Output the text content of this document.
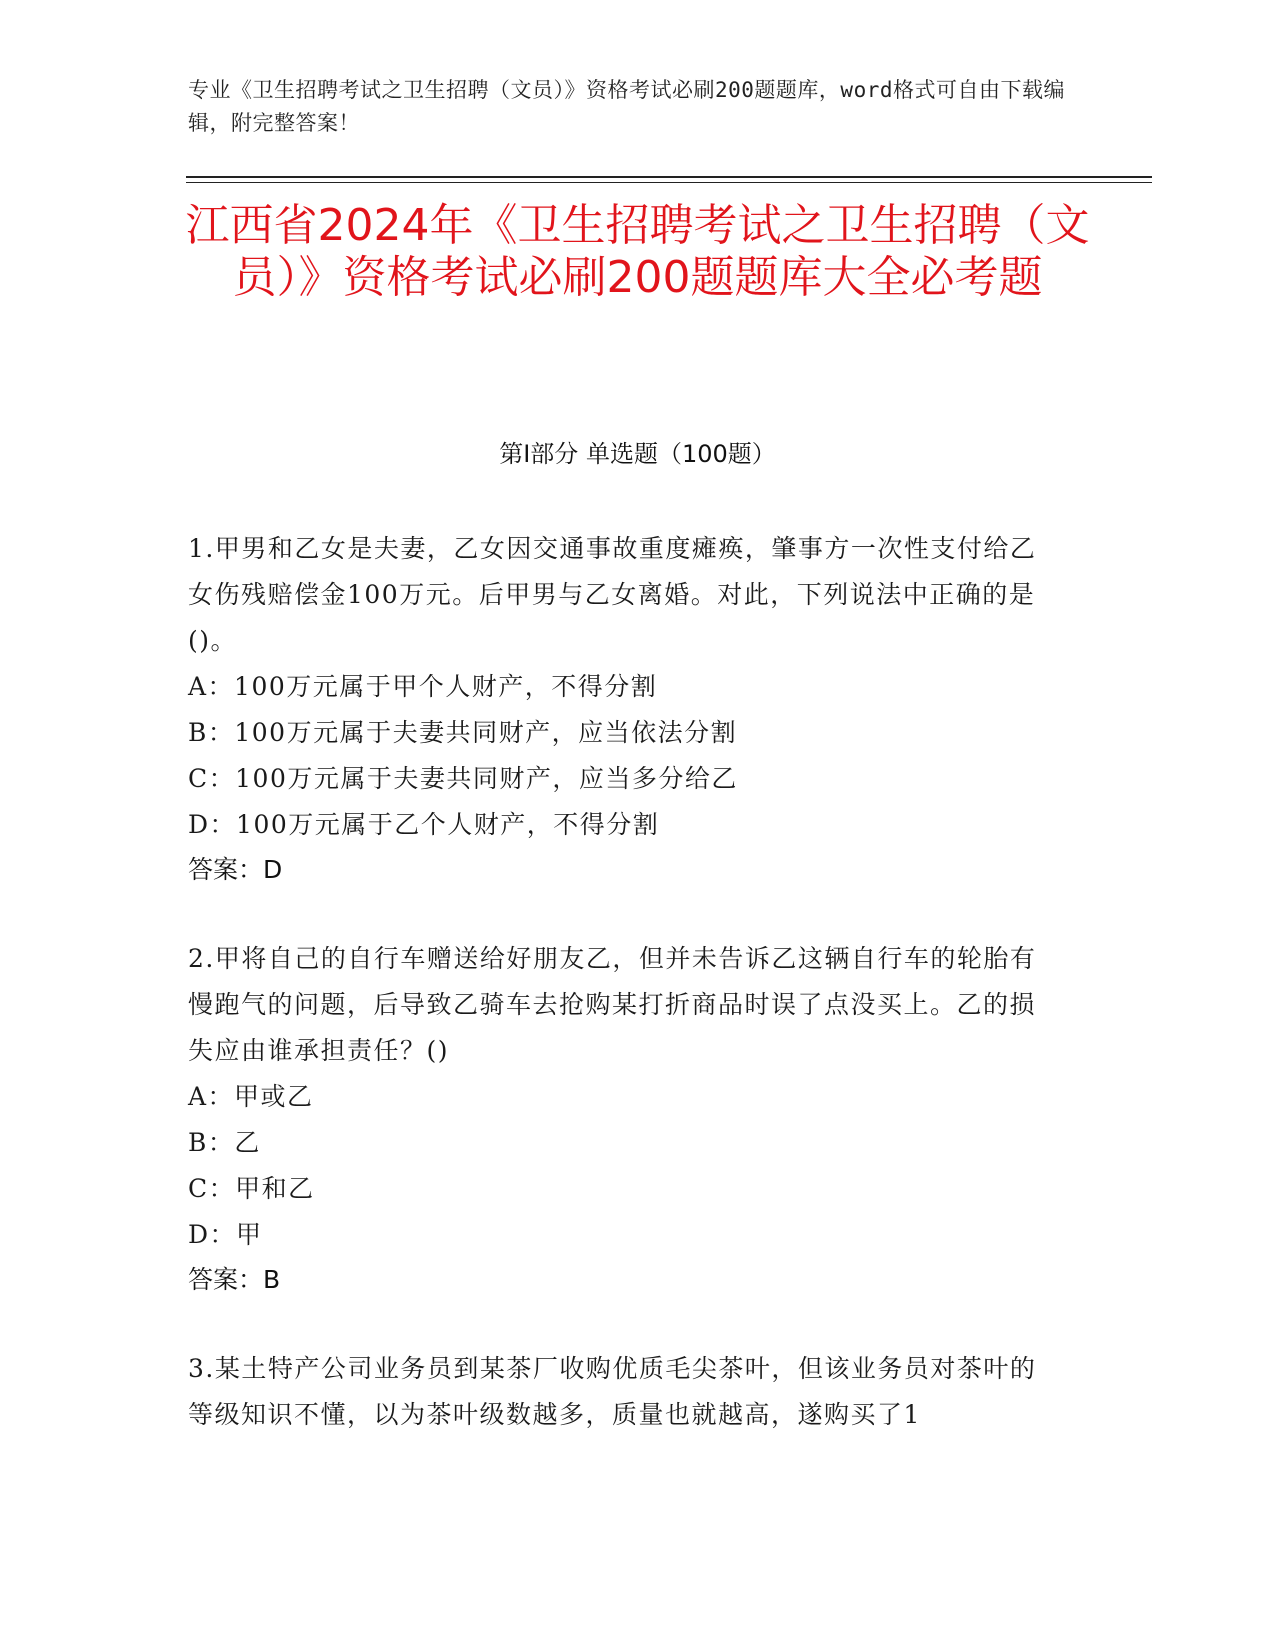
专业《卫生招聘考试之卫生招聘（文员）》资格考试必刷200题题库，word格式可自由下载编辑，附完整答案！
江西省2024年《卫生招聘考试之卫生招聘（文员）》资格考试必刷200题题库大全必考题
第I部分 单选题（100题）
1.甲男和乙女是夫妻，乙女因交通事故重度瘫痪，肇事方一次性支付给乙女伤残赔偿金100万元。后甲男与乙女离婚。对此，下列说法中正确的是()。
A：100万元属于甲个人财产，不得分割
B：100万元属于夫妻共同财产，应当依法分割
C：100万元属于夫妻共同财产，应当多分给乙
D：100万元属于乙个人财产，不得分割
答案：D
2.甲将自己的自行车赠送给好朋友乙，但并未告诉乙这辆自行车的轮胎有慢跑气的问题，后导致乙骑车去抢购某打折商品时误了点没买上。乙的损失应由谁承担责任？()
A：甲或乙
B：乙
C：甲和乙
D：甲
答案：B
3.某土特产公司业务员到某茶厂收购优质毛尖茶叶，但该业务员对茶叶的等级知识不懂，以为茶叶级数越多，质量也就越高，遂购买了1
